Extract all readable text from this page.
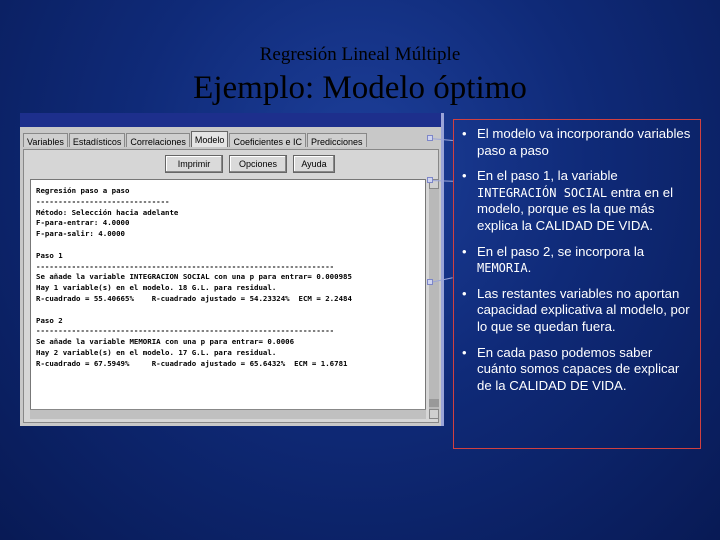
Regresión Lineal Múltiple
Ejemplo: Modelo óptimo
Variables	Estadísticos	Correlaciones	Modelo	Coeficientes e IC	Predicciones
Imprimir	Opciones	Ayuda
Regresión paso a paso
------------------------------
Método: Selección hacia adelante
F-para-entrar: 4.0000
F-para-salir: 4.0000

Paso 1
-------------------------------------------------------------------
Se añade la variable INTEGRACION SOCIAL con una p para entrar= 0.000985
Hay 1 variable(s) en el modelo. 18 G.L. para residual.
R-cuadrado = 55.40665%    R-cuadrado ajustado = 54.23324%  ECM = 2.2484

Paso 2
-------------------------------------------------------------------
Se añade la variable MEMORIA con una p para entrar= 0.0006
Hay 2 variable(s) en el modelo. 17 G.L. para residual.
R-cuadrado = 67.5949%     R-cuadrado ajustado = 65.6432%  ECM = 1.6781
• El modelo va incorporando variables paso a paso
• En el paso 1, la variable INTEGRACIÓN SOCIAL entra en el modelo, porque es la que más explica la CALIDAD DE VIDA.
• En el paso 2, se incorpora la MEMORIA.
• Las restantes variables no aportan capacidad explicativa al modelo, por lo que se quedan fuera.
• En cada paso podemos saber cuánto somos capaces de explicar de la CALIDAD DE VIDA.
